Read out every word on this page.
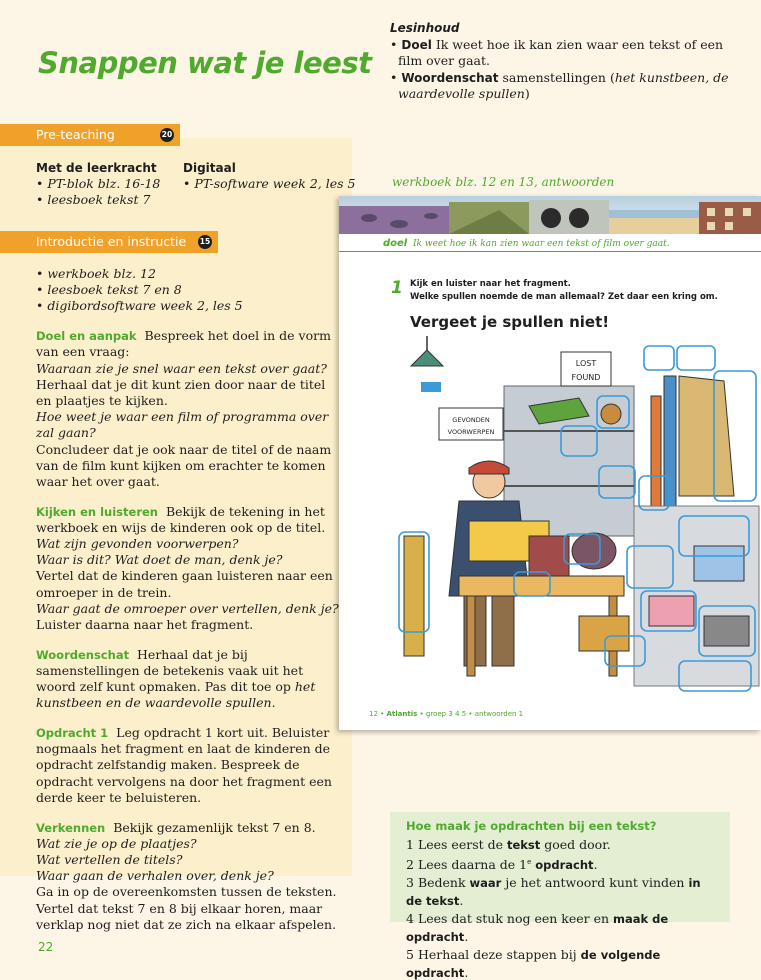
Snappen wat je leest
Lesinhoud
• Doel Ik weet hoe ik kan zien waar een tekst of een film over gaat.
• Woordenschat samenstellingen (het kunstbeen, de waardevolle spullen)
Pre-teaching	20
Met de leerkracht
• PT-blok blz. 16-18
• leesboek tekst 7
Digitaal
• PT-software week 2, les 5
Introductie en instructie 15

• werkboek blz. 12
• leesboek tekst 7 en 8
• digibordsoftware week 2, les 5

Doel en aanpak Bespreek het doel in de vorm van een vraag:
Waaraan zie je snel waar een tekst over gaat?
Herhaal dat je dit kunt zien door naar de titel en plaatjes te kijken.
Hoe weet je waar een film of programma over zal gaan?
Concludeer dat je ook naar de titel of de naam van de film kunt kijken om erachter te komen waar het over gaat.

Kijken en luisteren Bekijk de tekening in het werkboek en wijs de kinderen ook op de titel.
Wat zijn gevonden voorwerpen?
Waar is dit? Wat doet de man, denk je?
Vertel dat de kinderen gaan luisteren naar een omroeper in de trein.
Waar gaat de omroeper over vertellen, denk je?
Luister daarna naar het fragment.

Woordenschat Herhaal dat je bij samenstellingen de betekenis vaak uit het woord zelf kunt opmaken. Pas dit toe op het kunstbeen en de waardevolle spullen.

Opdracht 1 Leg opdracht 1 kort uit. Beluister nogmaals het fragment en laat de kinderen de opdracht zelfstandig maken. Bespreek de opdracht vervolgens na door het fragment een derde keer te beluisteren.

Verkennen Bekijk gezamenlijk tekst 7 en 8.
Wat zie je op de plaatjes?
Wat vertellen de titels?
Waar gaan de verhalen over, denk je?
Ga in op de overeenkomsten tussen de teksten. Vertel dat tekst 7 en 8 bij elkaar horen, maar verklap nog niet dat ze zich na elkaar afspelen.

werkboek blz. 12 en 13, antwoorden
doel Ik weet hoe ik kan zien waar een tekst of film over gaat.
1 Kijk en luister naar het fragment.
Welke spullen noemde de man allemaal? Zet daar een kring om.
Vergeet je spullen niet!
LOST
FOUND
GEVONDEN
VOORWERPEN
12 • Atlantis • groep 3 4 5 • antwoorden 1
Hoe maak je opdrachten bij een tekst?
1 Lees eerst de tekst goed door.
2 Lees daarna de 1e opdracht.
3 Bedenk waar je het antwoord kunt vinden in de tekst.
4 Lees dat stuk nog een keer en maak de opdracht.
5 Herhaal deze stappen bij de volgende opdracht.
22
